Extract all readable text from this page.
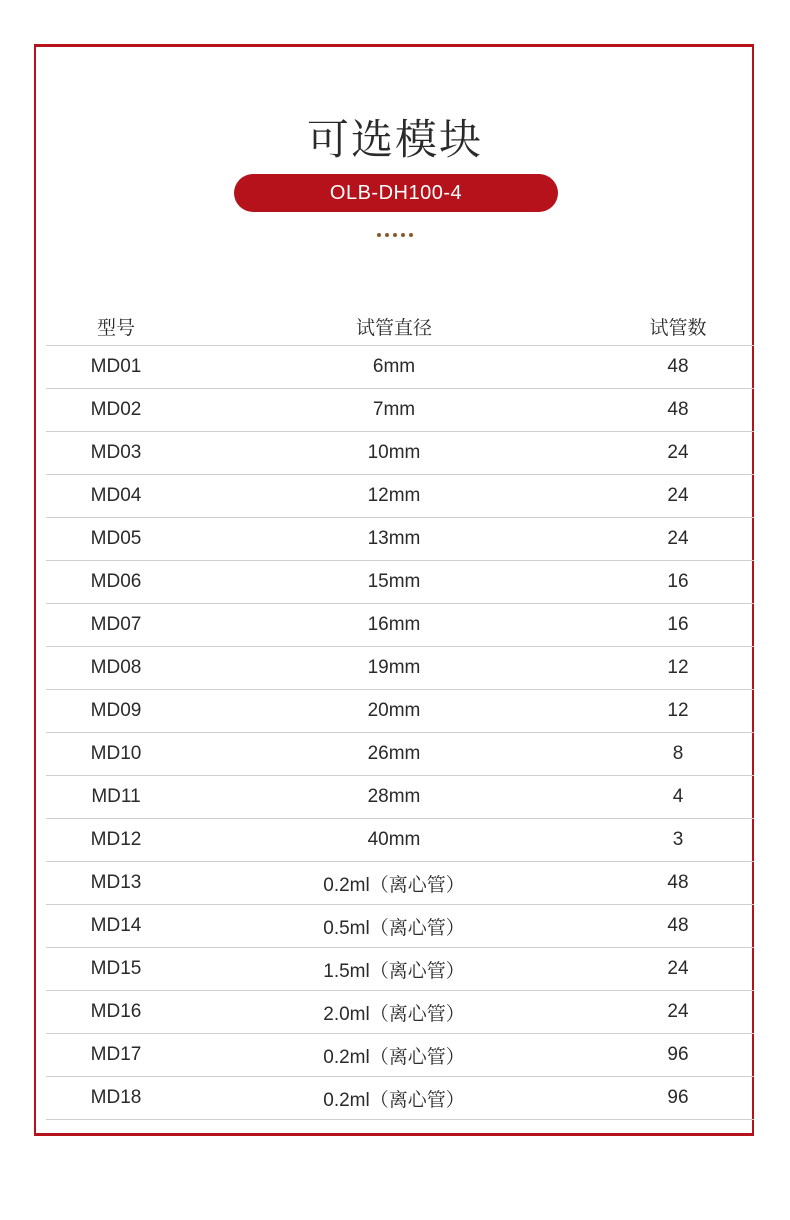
可选模块
OLB-DH100-4

型号	试管直径	试管数
MD01	6mm	48
MD02	7mm	48
MD03	10mm	24
MD04	12mm	24
MD05	13mm	24
MD06	15mm	16
MD07	16mm	16
MD08	19mm	12
MD09	20mm	12
MD10	26mm	8
MD11	28mm	4
MD12	40mm	3
MD13	0.2ml（离心管）	48
MD14	0.5ml（离心管）	48
MD15	1.5ml（离心管）	24
MD16	2.0ml（离心管）	24
MD17	0.2ml（离心管）	96
MD18	0.2ml（离心管）	96
